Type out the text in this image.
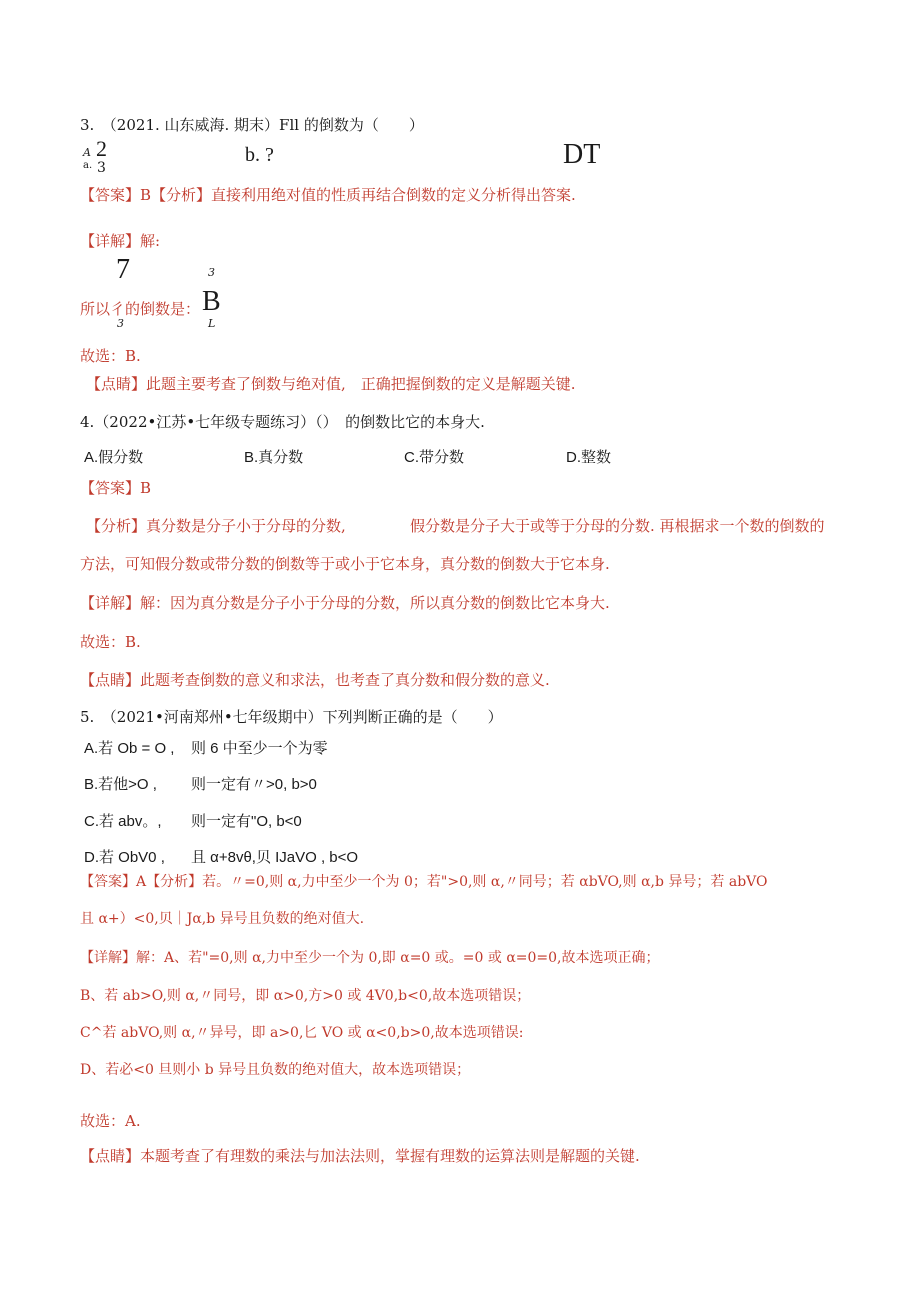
3.　（2021. 山东威海. 期末）Fll 的倒数为（　　）
A 2
a. 3
b. ?	DT
【答案】B【分析】直接利用绝对值的性质再结合倒数的定义分析得出答案.
【详解】解:
7	3
所以彳的倒数是： B
3	L
故选：B.
【点睛】此题主要考查了倒数与绝对值,　正确把握倒数的定义是解题关键.
4.（2022•江苏•七年级专题练习）（）　的倒数比它的本身大.
A.假分数	B.真分数	C.带分数	D.整数
【答案】B
【分析】真分数是分子小于分母的分数,	假分数是分子大于或等于分母的分数. 再根据求一个数的倒数的
方法，可知假分数或带分数的倒数等于或小于它本身，真分数的倒数大于它本身.
【详解】解：因为真分数是分子小于分母的分数，所以真分数的倒数比它本身大.
故选：B.
【点睛】此题考查倒数的意义和求法，也考查了真分数和假分数的意义.
5.　（2021•河南郑州•七年级期中）下列判断正确的是（　　）
A.若 Ob = O , 则 6 中至少一个为零
B.若他>O , 则一定有〃>0, b>0
C.若 abv。, 则一定有"O, b<0
D.若 ObV0 , 且 α+8vθ,贝 IJaVO , b<O
【答案】A【分析】若。〃=0,则 α,力中至少一个为 0；若">0,则 α,〃同号；若 αbVO,则 α,b 异号；若 abVO
且 α+）<0,贝｜Jα,b 异号且负数的绝对值大.
【详解】解：A、若"=0,则 α,力中至少一个为 0,即 α=0 或。=0 或 α=0=0,故本选项正确；
B、若 ab>O,则 α,〃同号，即 α>0,方>0 或 4V0,b<0,故本选项错误；
C^若 abVO,则 α,〃异号，即 a>0,匕 VO 或 α<0,b>0,故本选项错误:
D、若必<0 旦则小 b 异号且负数的绝对值大，故本选项错误；
故选：A.
【点睛】本题考查了有理数的乘法与加法法则，掌握有理数的运算法则是解题的关键.
